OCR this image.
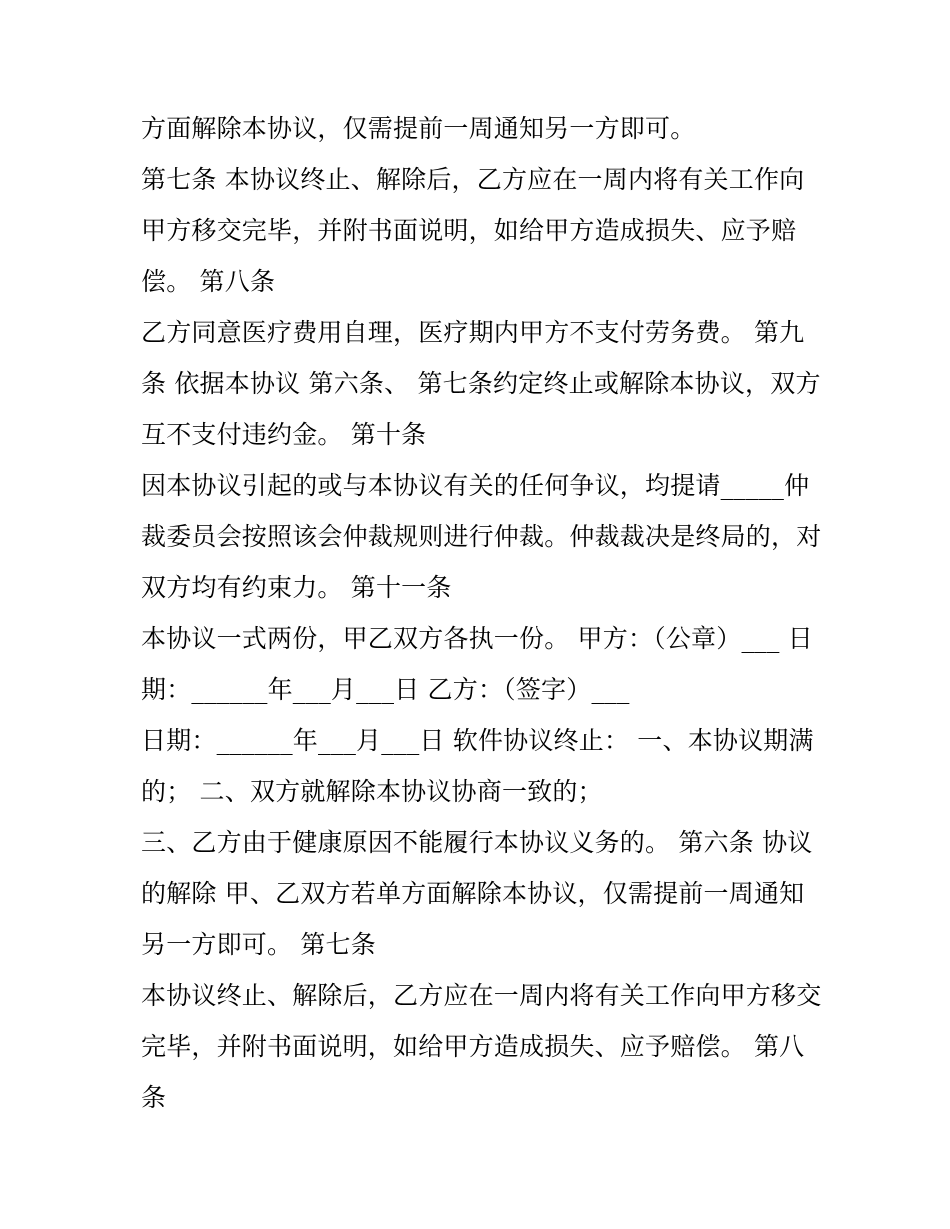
方面解除本协议，仅需提前一周通知另一方即可。
第七条 本协议终止、解除后，乙方应在一周内将有关工作向
甲方移交完毕，并附书面说明，如给甲方造成损失、应予赔
偿。 第八条
乙方同意医疗费用自理，医疗期内甲方不支付劳务费。 第九
条 依据本协议 第六条、 第七条约定终止或解除本协议，双方
互不支付违约金。 第十条
因本协议引起的或与本协议有关的任何争议，均提请_____仲
裁委员会按照该会仲裁规则进行仲裁。仲裁裁决是终局的，对
双方均有约束力。 第十一条
本协议一式两份，甲乙双方各执一份。 甲方：（公章）___ 日
期：______年___月___日 乙方：（签字）___
日期：______年___月___日 软件协议终止： 一、本协议期满
的； 二、双方就解除本协议协商一致的；
三、乙方由于健康原因不能履行本协议义务的。 第六条 协议
的解除 甲、乙双方若单方面解除本协议，仅需提前一周通知
另一方即可。 第七条
本协议终止、解除后，乙方应在一周内将有关工作向甲方移交
完毕，并附书面说明，如给甲方造成损失、应予赔偿。 第八
条
